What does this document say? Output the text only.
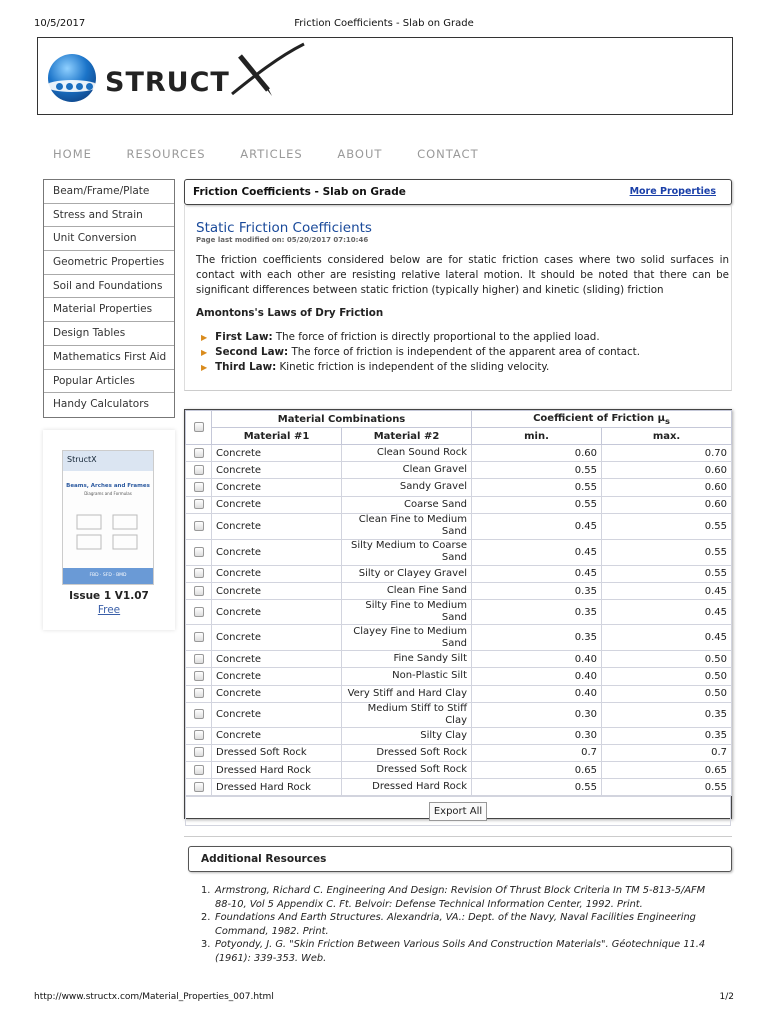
10/5/2017	Friction Coefficients - Slab on Grade
STRUCT
HOME	RESOURCES	ARTICLES	ABOUT	CONTACT
Beam/Frame/Plate
Stress and Strain
Unit Conversion
Geometric Properties
Soil and Foundations
Material Properties
Design Tables
Mathematics First Aid
Popular Articles
Handy Calculators
StructX
Beams, Arches and Frames
Diagrams and Formulas
FBD · SFD · BMD
Issue 1 V1.07
Free
Friction Coefficients - Slab on Grade	More Properties
Static Friction Coefficients
Page last modified on: 05/20/2017 07:10:46

The friction coefficients considered below are for static friction cases where two solid surfaces in contact with each other are resisting relative lateral motion. It should be noted that there can be significant differences between static friction (typically higher) and kinetic (sliding) friction

Amontons's Laws of Dry Friction
▶ First Law: The force of friction is directly proportional to the applied load.
▶ Second Law: The force of friction is independent of the apparent area of contact.
▶ Third Law: Kinetic friction is independent of the sliding velocity.
	Material Combinations		Coefficient of Friction $\mu_s$
	Material #1	Material #2	min.	max.
	Concrete	Clean Sound Rock	0.60	0.70
	Concrete	Clean Gravel	0.55	0.60
	Concrete	Sandy Gravel	0.55	0.60
	Concrete	Coarse Sand	0.55	0.60
	Concrete	Clean Fine to Medium Sand	0.45	0.55
	Concrete	Silty Medium to Coarse Sand	0.45	0.55
	Concrete	Silty or Clayey Gravel	0.45	0.55
	Concrete	Clean Fine Sand	0.35	0.45
	Concrete	Silty Fine to Medium Sand	0.35	0.45
	Concrete	Clayey Fine to Medium Sand	0.35	0.45
	Concrete	Fine Sandy Silt	0.40	0.50
	Concrete	Non-Plastic Silt	0.40	0.50
	Concrete	Very Stiff and Hard Clay	0.40	0.50
	Concrete	Medium Stiff to Stiff Clay	0.30	0.35
	Concrete	Silty Clay	0.30	0.35
	Dressed Soft Rock	Dressed Soft Rock	0.7	0.7
	Dressed Hard Rock	Dressed Soft Rock	0.65	0.65
	Dressed Hard Rock	Dressed Hard Rock	0.55	0.55
Export All
Additional Resources
1. Armstrong, Richard C. Engineering And Design: Revision Of Thrust Block Criteria In TM 5-813-5/AFM 88-10, Vol 5 Appendix C. Ft. Belvoir: Defense Technical Information Center, 1992. Print.
2. Foundations And Earth Structures. Alexandria, VA.: Dept. of the Navy, Naval Facilities Engineering Command, 1982. Print.
3. Potyondy, J. G. "Skin Friction Between Various Soils And Construction Materials". Géotechnique 11.4 (1961): 339-353. Web.
http://www.structx.com/Material_Properties_007.html	1/2
